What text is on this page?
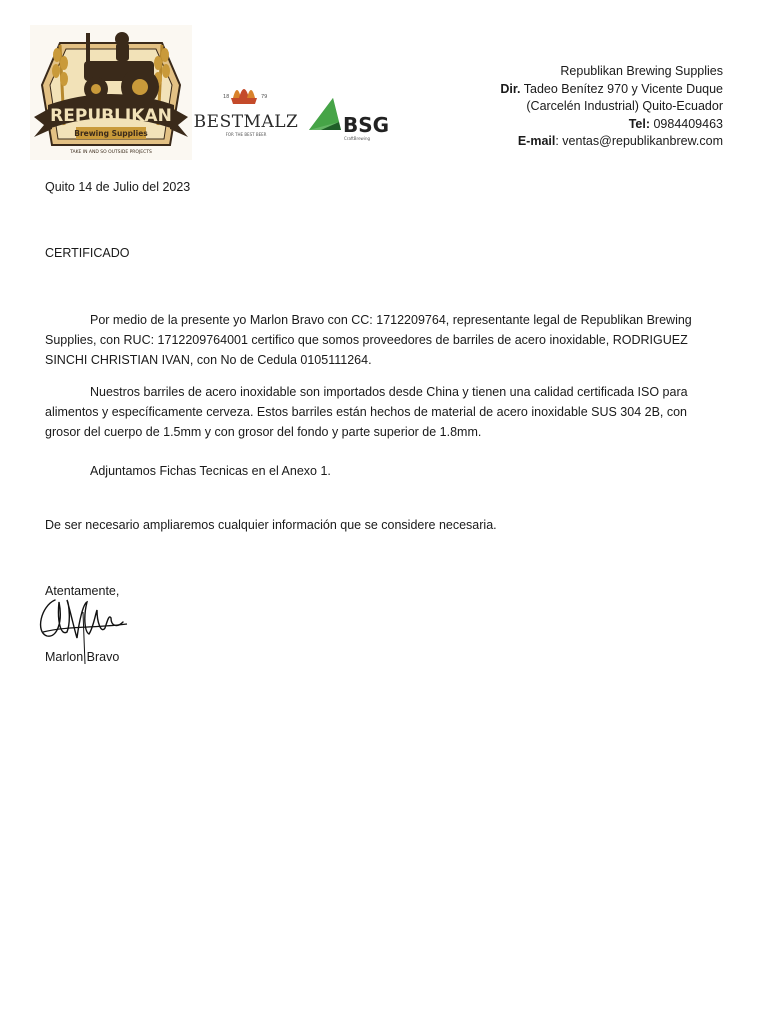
REPUBLIKAN
Brewing Supplies
TAKE IN AND SO OUTSIDE PROJECTS
18	79
BESTMALZ
FOR THE BEST BEER	BSG
CraftBrewing
Republikan Brewing Supplies
Dir. Tadeo Benítez 970 y Vicente Duque
(Carcelén Industrial) Quito-Ecuador
Tel: 0984409463
E-mail: ventas@republikanbrew.com
Quito 14 de Julio del 2023
CERTIFICADO
Por medio de la presente yo Marlon Bravo con CC: 1712209764, representante legal de Republikan Brewing Supplies, con RUC: 1712209764001 certifico que somos proveedores de barriles de acero inoxidable, RODRIGUEZ SINCHI CHRISTIAN IVAN, con No de Cedula 0105111264.
Nuestros barriles de acero inoxidable son importados desde China y tienen una calidad certificada ISO para alimentos y específicamente cerveza. Estos barriles están hechos de material de acero inoxidable SUS 304 2B, con grosor del cuerpo de 1.5mm y con grosor del fondo y parte superior de 1.8mm.
Adjuntamos Fichas Tecnicas en el Anexo 1.
De ser necesario ampliaremos cualquier información que se considere necesaria.
Atentamente,
Marlon Bravo
